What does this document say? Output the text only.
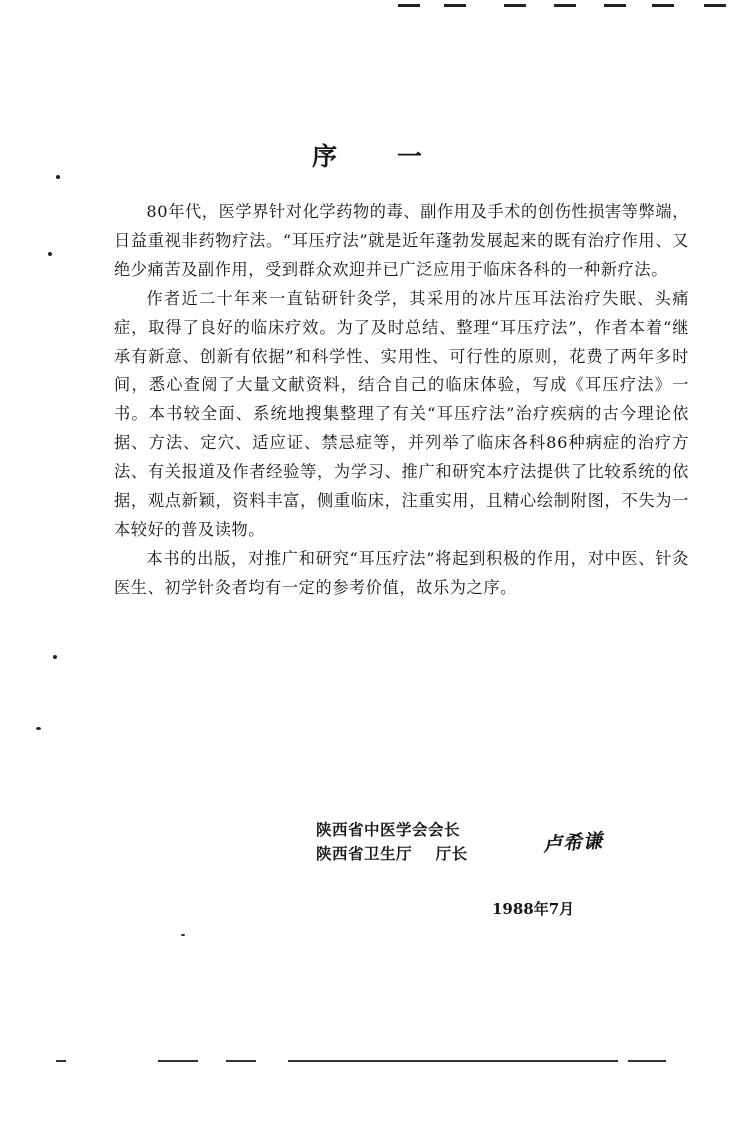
序 一

80年代，医学界针对化学药物的毒、副作用及手术的创伤性损害等弊端，日益重视非药物疗法。“耳压疗法”就是近年蓬勃发展起来的既有治疗作用、又绝少痛苦及副作用，受到群众欢迎并已广泛应用于临床各科的一种新疗法。

作者近二十年来一直钻研针灸学，其采用的冰片压耳法治疗失眠、头痛症，取得了良好的临床疗效。为了及时总结、整理“耳压疗法”，作者本着“继承有新意、创新有依据”和科学性、实用性、可行性的原则，花费了两年多时间，悉心查阅了大量文献资料，结合自己的临床体验，写成《耳压疗法》一书。本书较全面、系统地搜集整理了有关“耳压疗法”治疗疾病的古今理论依据、方法、定穴、适应证、禁忌症等，并列举了临床各科86种病症的治疗方法、有关报道及作者经验等，为学习、推广和研究本疗法提供了比较系统的依据，观点新颖，资料丰富，侧重临床，注重实用，且精心绘制附图，不失为一本较好的普及读物。

本书的出版，对推广和研究“耳压疗法”将起到积极的作用，对中医、针灸医生、初学针灸者均有一定的参考价值，故乐为之序。

陕西省中医学会会长
陕西省卫生厅    厅长	卢希谦
1988年7月
